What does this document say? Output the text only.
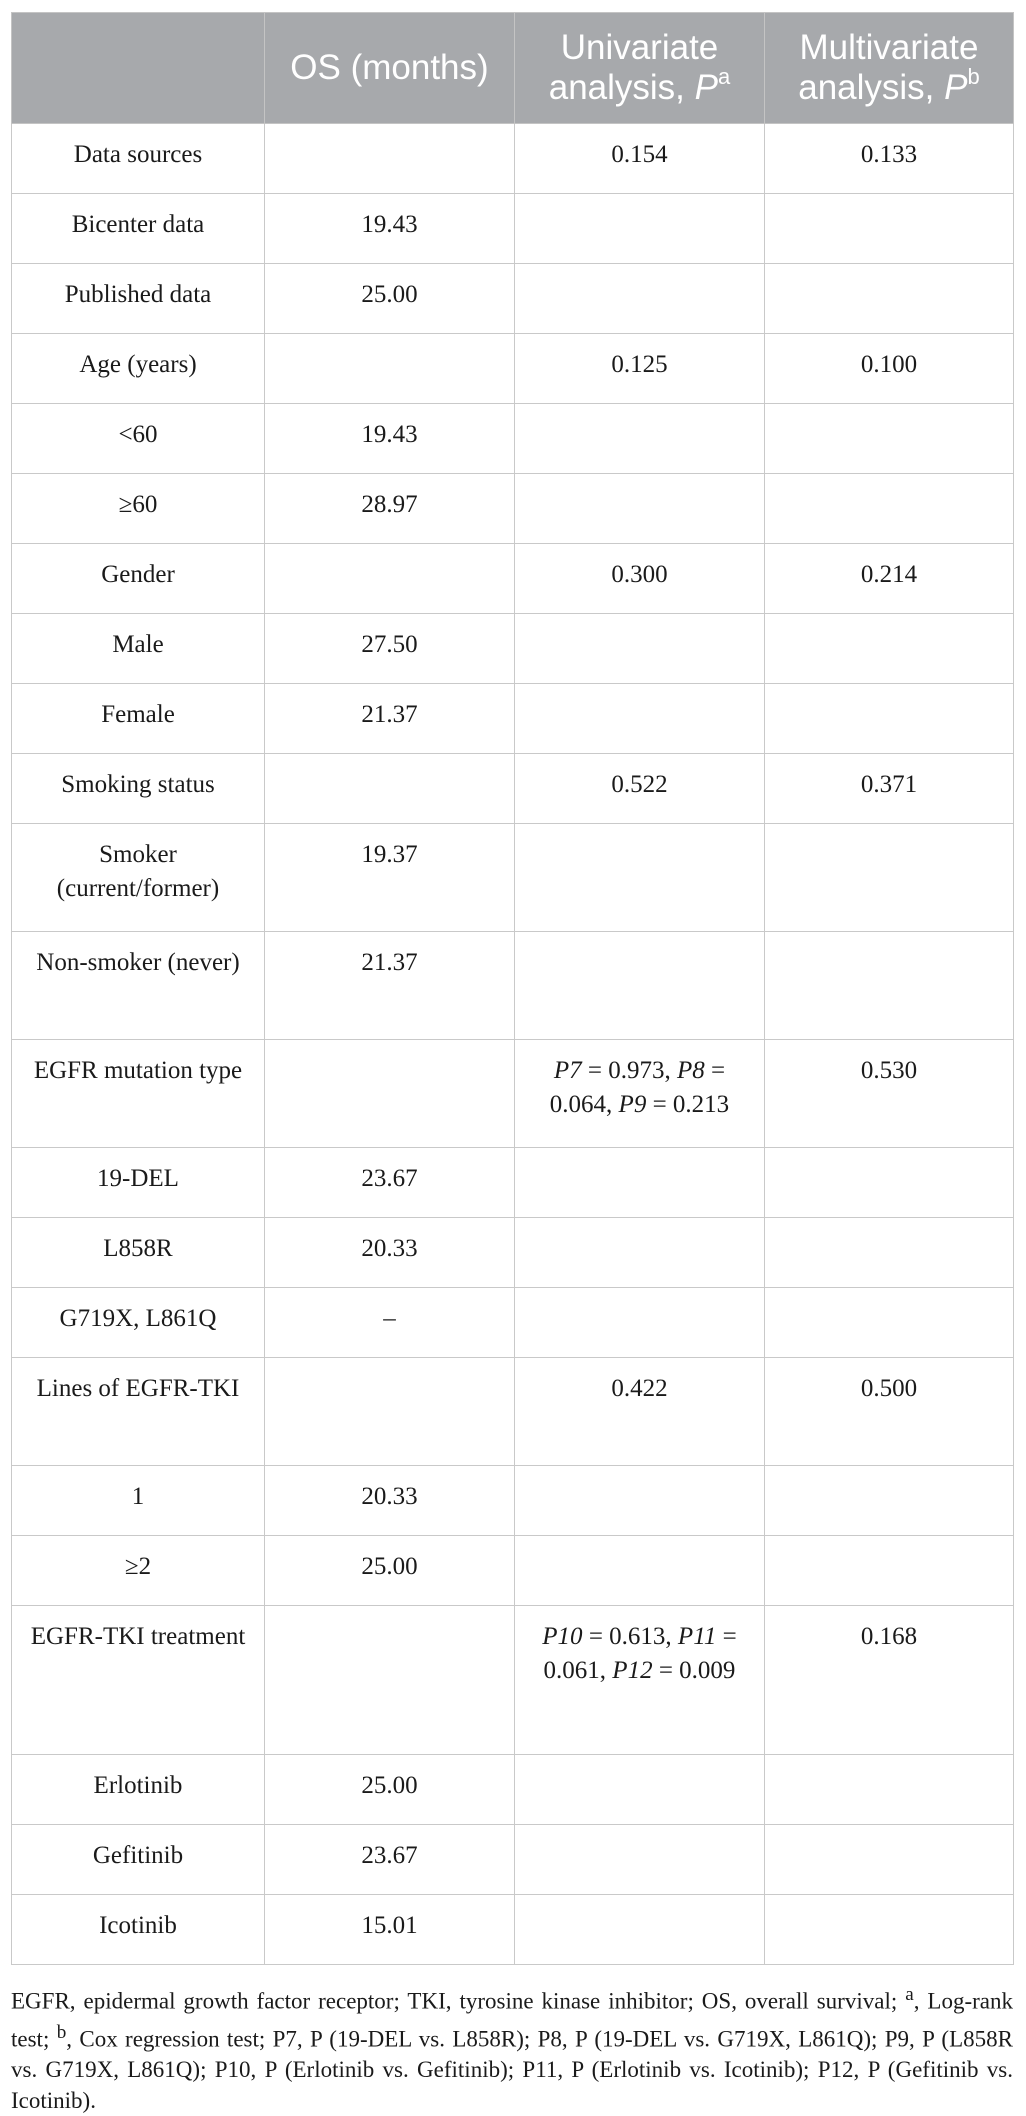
	OS (months)	Univariate analysis, $P^a$	Multivariate analysis, $P^b$
Data sources		0.154	0.133
Bicenter data	19.43		
Published data	25.00		
Age (years)		0.125	0.100
<60	19.43		
≥60	28.97		
Gender		0.300	0.214
Male	27.50		
Female	21.37		
Smoking status		0.522	0.371
Smoker (current/former)	19.37		
Non-smoker (never)	21.37		
EGFR mutation type		P7 = 0.973, P8 = 0.064, P9 = 0.213	0.530
19-DEL	23.67		
L858R	20.33		
G719X, L861Q	–		
Lines of EGFR-TKI		0.422	0.500
1	20.33		
≥2	25.00		
EGFR-TKI treatment		P10 = 0.613, P11 = 0.061, P12 = 0.009	0.168
Erlotinib	25.00		
Gefitinib	23.67		
Icotinib	15.01		
EGFR, epidermal growth factor receptor; TKI, tyrosine kinase inhibitor; OS, overall survival; $^a$, Log-rank test; $^b$, Cox regression test; P7, P (19-DEL vs. L858R); P8, P (19-DEL vs. G719X, L861Q); P9, P (L858R vs. G719X, L861Q); P10, P (Erlotinib vs. Gefitinib); P11, P (Erlotinib vs. Icotinib); P12, P (Gefitinib vs. Icotinib).
